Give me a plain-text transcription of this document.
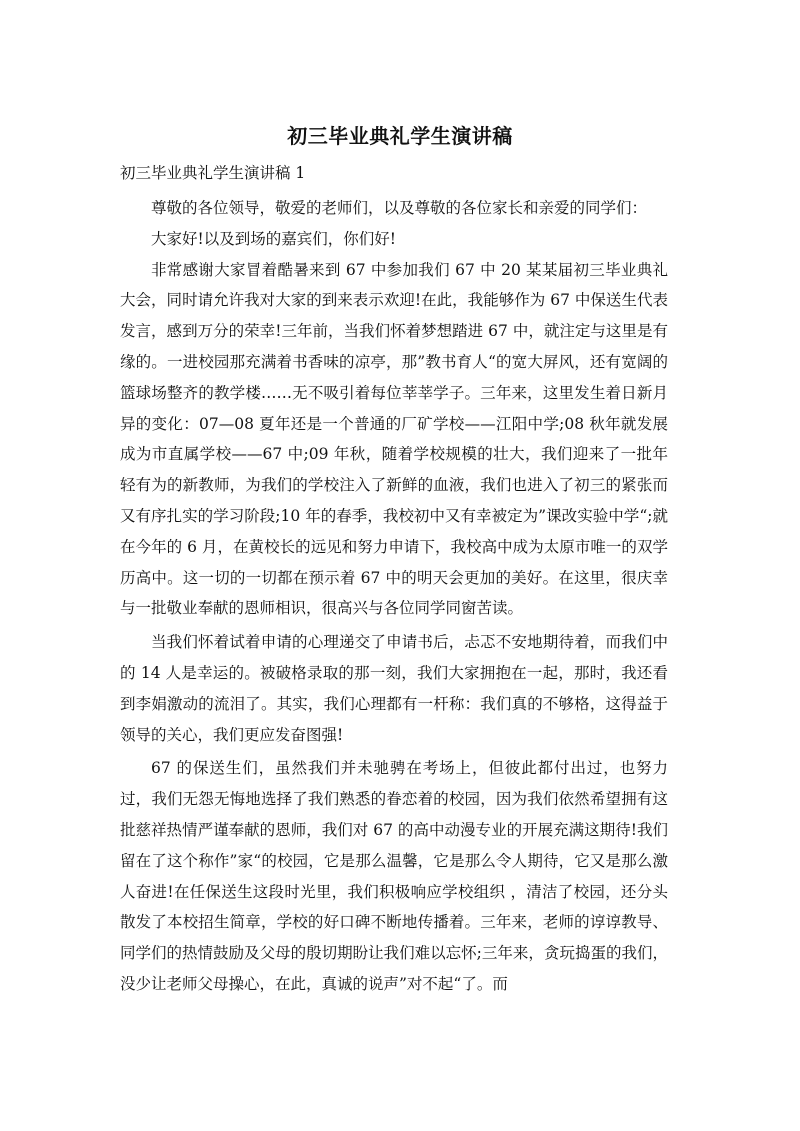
初三毕业典礼学生演讲稿

初三毕业典礼学生演讲稿 1

尊敬的各位领导，敬爱的老师们，以及尊敬的各位家长和亲爱的同学们：

大家好!以及到场的嘉宾们，你们好!

非常感谢大家冒着酷暑来到 67 中参加我们 67 中 20 某某届初三毕业典礼大会，同时请允许我对大家的到来表示欢迎!在此，我能够作为 67 中保送生代表发言，感到万分的荣幸!三年前，当我们怀着梦想踏进 67 中，就注定与这里是有缘的。一进校园那充满着书香味的凉亭，那”教书育人“的宽大屏风，还有宽阔的篮球场整齐的教学楼……无不吸引着每位莘莘学子。三年来，这里发生着日新月异的变化：07—08 夏年还是一个普通的厂矿学校——江阳中学;08 秋年就发展成为市直属学校——67 中;09 年秋，随着学校规模的壮大，我们迎来了一批年轻有为的新教师，为我们的学校注入了新鲜的血液，我们也进入了初三的紧张而又有序扎实的学习阶段;10 年的春季，我校初中又有幸被定为”课改实验中学“;就在今年的 6 月，在黄校长的远见和努力申请下，我校高中成为太原市唯一的双学历高中。这一切的一切都在预示着 67 中的明天会更加的美好。在这里，很庆幸与一批敬业奉献的恩师相识，很高兴与各位同学同窗苦读。

当我们怀着试着申请的心理递交了申请书后，忐忑不安地期待着，而我们中的 14 人是幸运的。被破格录取的那一刻，我们大家拥抱在一起，那时，我还看到李娟激动的流泪了。其实，我们心理都有一杆称：我们真的不够格，这得益于领导的关心，我们更应发奋图强!

67 的保送生们，虽然我们并未驰骋在考场上，但彼此都付出过，也努力过，我们无怨无悔地选择了我们熟悉的眷恋着的校园，因为我们依然希望拥有这批慈祥热情严谨奉献的恩师，我们对 67 的高中动漫专业的开展充满这期待!我们留在了这个称作”家“的校园，它是那么温馨，它是那么令人期待，它又是那么激人奋进!在任保送生这段时光里，我们积极响应学校组织 ，清洁了校园，还分头散发了本校招生简章，学校的好口碑不断地传播着。三年来，老师的谆谆教导、同学们的热情鼓励及父母的殷切期盼让我们难以忘怀;三年来，贪玩捣蛋的我们，没少让老师父母操心，在此，真诚的说声”对不起“了。而
